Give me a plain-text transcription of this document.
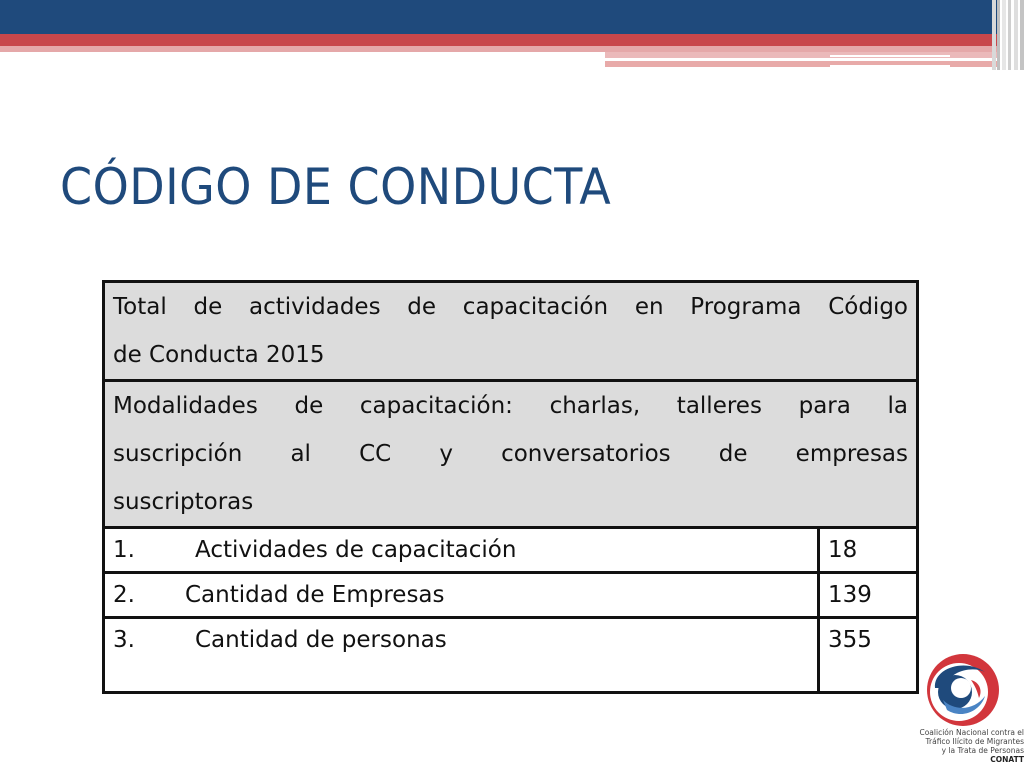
CÓDIGO DE CONDUCTA
Total de actividades de capacitación en Programa Código
de Conducta 2015	

Modalidades de capacitación: charlas, talleres para la
suscripción al CC y conversatorios de empresas
suscriptoras	

1. Actividades de capacitación	18
2. Cantidad de Empresas	139
3. Cantidad de personas	355
Coalición Nacional contra el
Tráfico Ilícito de Migrantes
y la Trata de Personas
CONATT
